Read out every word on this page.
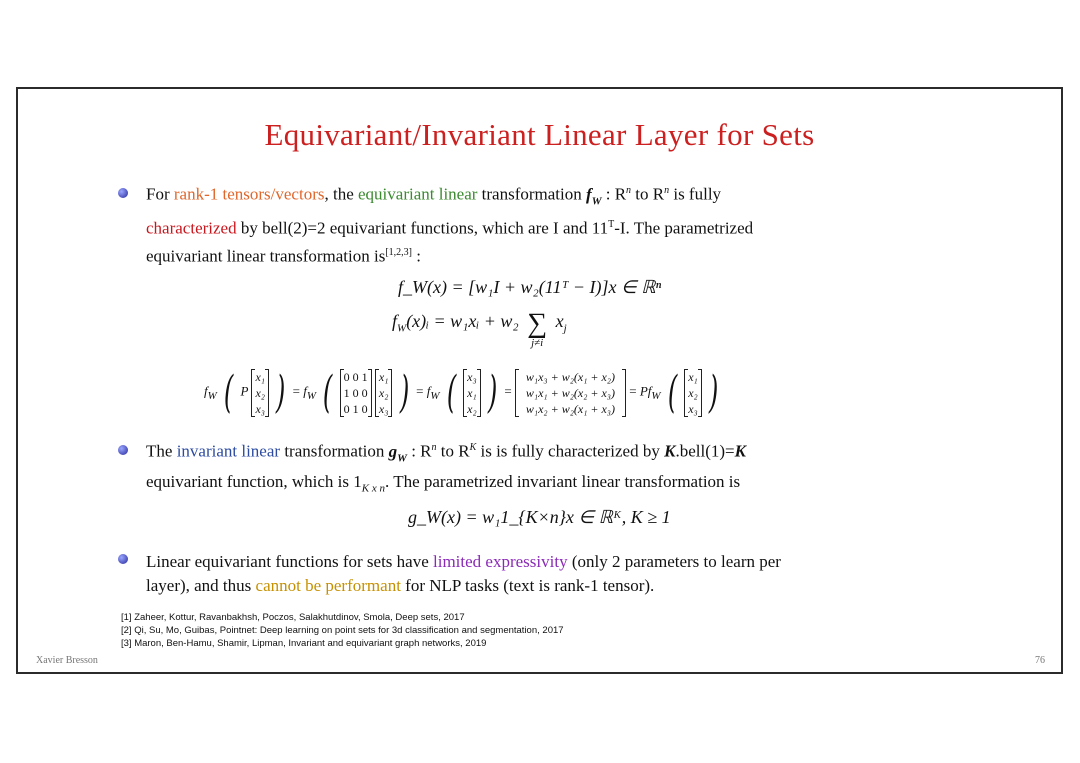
Equivariant/Invariant Linear Layer for Sets
For rank-1 tensors/vectors, the equivariant linear transformation $f_W$ : $R^n$ to $R^n$ is fully
characterized by bell(2)=2 equivariant functions, which are I and $11^T-I$. The parametrized
equivariant linear transformation is[1,2,3] :
f_W(x) = [w₁I + w₂(11ᵀ − I)]x ∈ ℝⁿ
$f_W(x)ᵢ$ = w₁xᵢ + w₂ ∑
j≠i
$x_j$
$f_W$ ( P
x₁
x₂
x₃ ) = $f_W$ ( 0 0 1
1 0 0
0 1 0

x₁
x₂
x₃ ) = $f_W$ ( x₃
x₁
x₂ ) =
w₁x₃ + w₂(x₁ + x₂)
w₁x₁ + w₂(x₂ + x₃)
w₁x₂ + w₂(x₁ + x₃)
= $Pf_W$ ( x₁
x₂
x₃ )
The invariant linear transformation $g_W$ : $R^n$ to $R^K$ is is fully characterized by K.bell(1)=K
equivariant function, which is $1_{K x n}$. The parametrized invariant linear transformation is
g_W(x) = w₁1_{K×n}x ∈ ℝᴷ, K ≥ 1
Linear equivariant functions for sets have limited expressivity (only 2 parameters to learn per
layer), and thus cannot be performant for NLP tasks (text is rank-1 tensor).
[1] Zaheer, Kottur, Ravanbakhsh, Poczos, Salakhutdinov, Smola, Deep sets, 2017
[2] Qi, Su, Mo, Guibas, Pointnet: Deep learning on point sets for 3d classification and segmentation, 2017
[3] Maron, Ben-Hamu, Shamir, Lipman, Invariant and equivariant graph networks, 2019
Xavier Bresson	76
